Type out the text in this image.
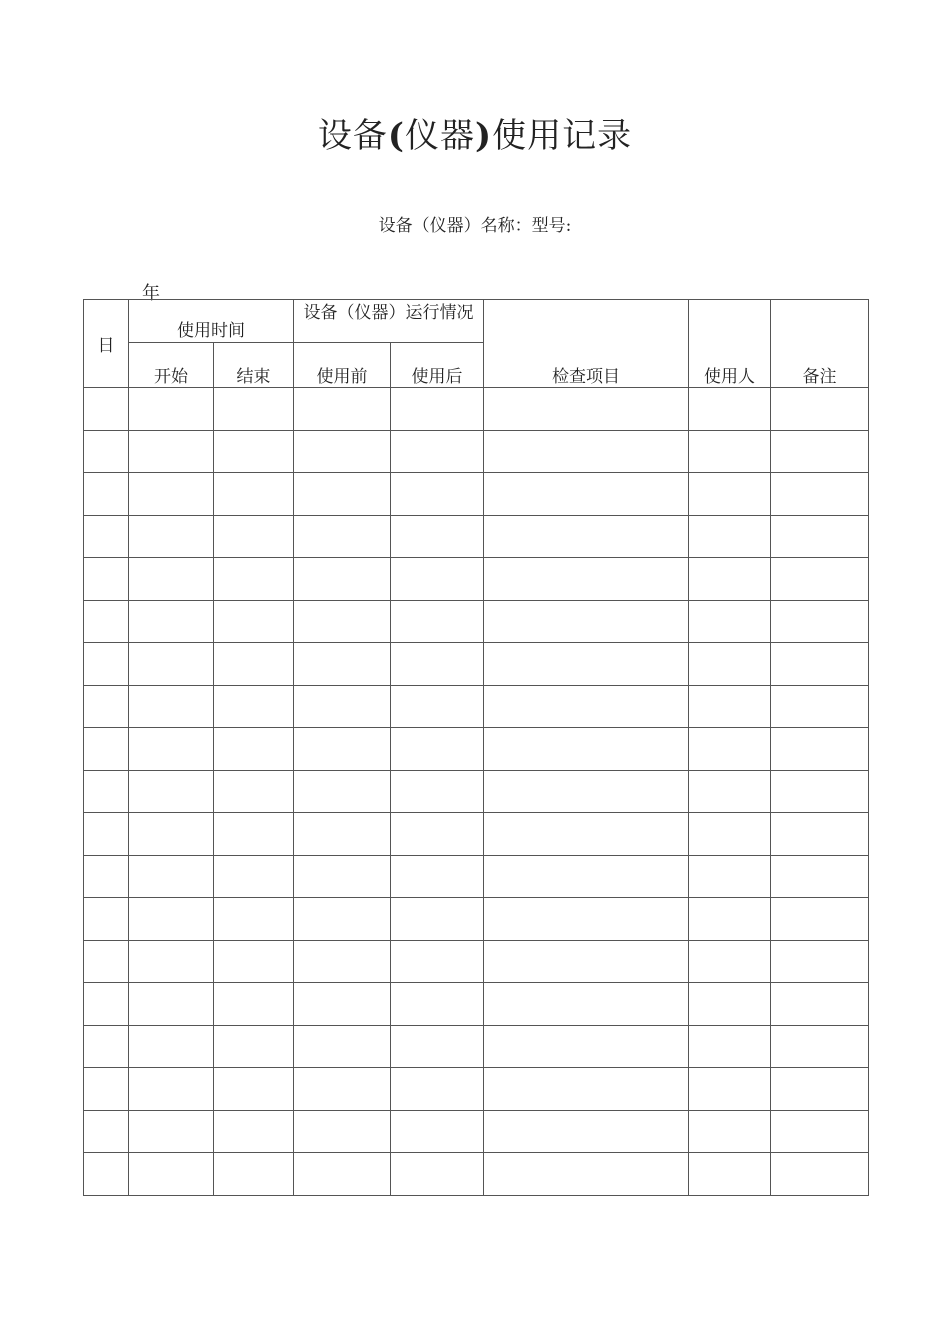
设备(仪器)使用记录
设备（仪器）名称：型号:
年
日	使用时间		设备（仪器）运行情况		检查项目	使用人	备注
	开始	结束	使用前	使用后			
